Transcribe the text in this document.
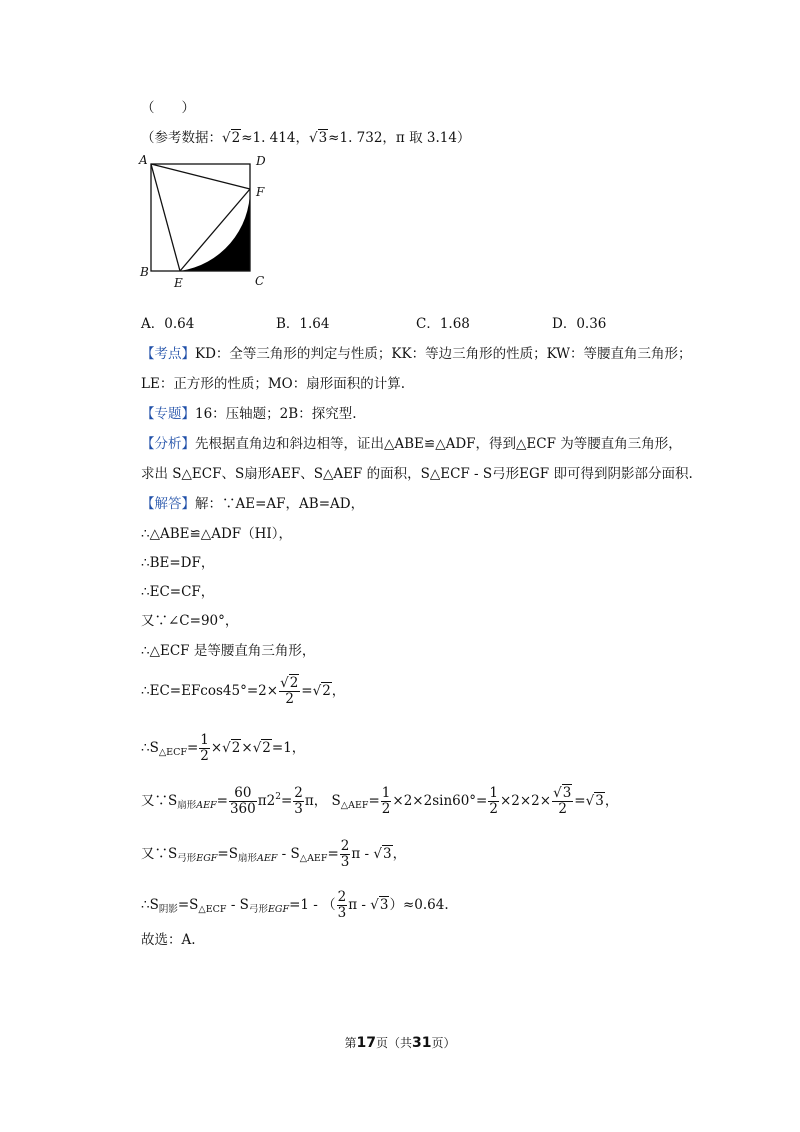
（　　）
（参考数据：√2≈1. 414，√3≈1. 732，π 取 3.14）
A	D
F
B
E	C
A．0.64	B．1.64	C．1.68	D．0.36
【考点】KD：全等三角形的判定与性质；KK：等边三角形的性质；KW：等腰直角三角形；
LE：正方形的性质；MO：扇形面积的计算.
【专题】16：压轴题；2B：探究型.
【分析】先根据直角边和斜边相等，证出△ABE≌△ADF，得到△ECF 为等腰直角三角形，
求出 S△ECF、S扇形AEF、S△AEF 的面积，S△ECF - S弓形EGF 即可得到阴影部分面积.
【解答】解：∵AE=AF，AB=AD，
∴△ABE≌△ADF（HI），
∴BE=DF，
∴EC=CF，
又∵∠C=90°，
∴△ECF 是等腰直角三角形，
∴EC=EFcos45°=2× $\frac{√2}{2} =√2$，
$\therefore S_{\triangle ECF}= \frac{1}{2} \times√2\times√2=1$，
又$\because S_{扇形AEF}= \frac{60}{360} \pi 2^2= \frac{2}{3}$ π， $S_{\triangle AEF}= \frac{1}{2} \times 2\times 2\sin 60^\circ= \frac{1}{2} \times 2\times 2\times \frac{√3}{2} =√3$，
又$\because S_{弓形EGF}=S_{扇形AEF} - S_{\triangle AEF}= \frac{2}{3}$ π - √3，
$\therefore S_{阴影}=S_{\triangle ECF} - S_{弓形EGF}=1$ - （ $\frac{2}{3}$ π - √3）≈0.64.
故选：A.
第17页（共31页）
